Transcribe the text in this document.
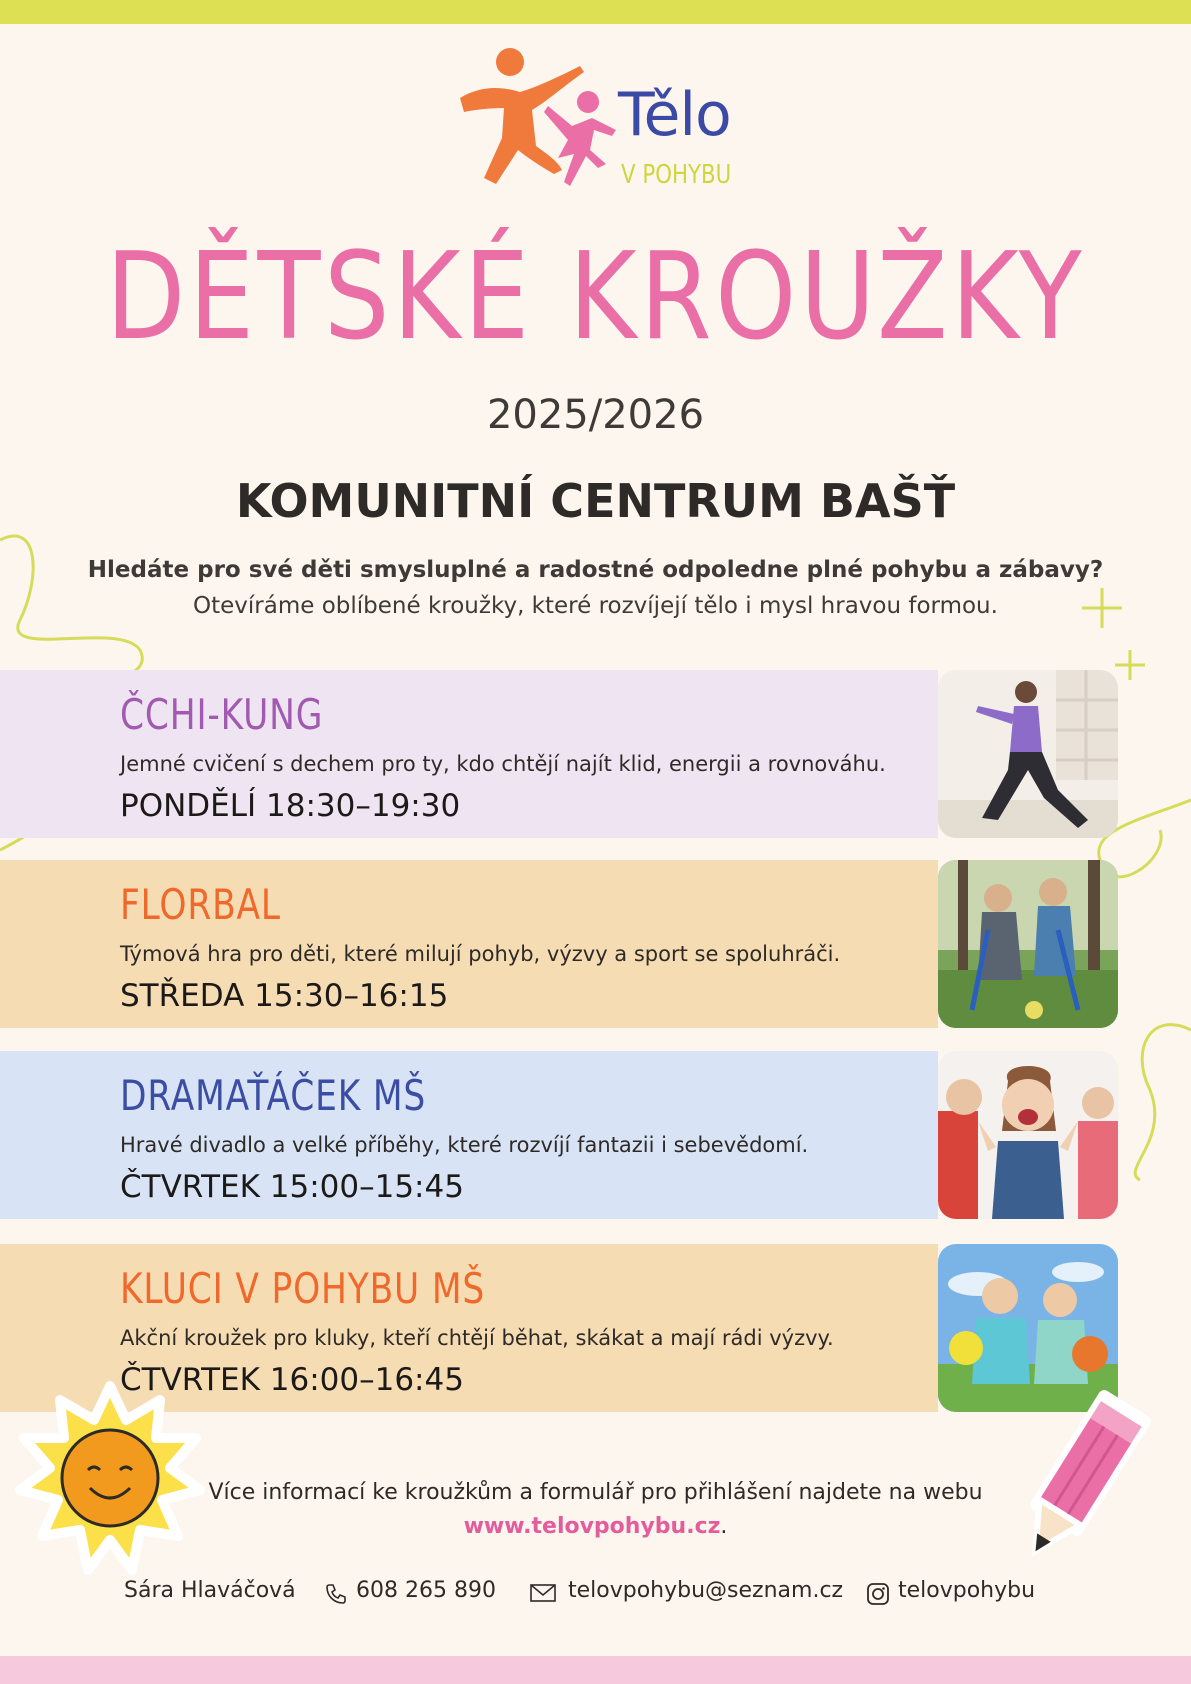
Tělo
V POHYBU
DĚTSKÉ KROUŽKY
2025/2026
KOMUNITNÍ CENTRUM BAŠŤ
Hledáte pro své děti smysluplné a radostné odpoledne plné pohybu a zábavy?
Otevíráme oblíbené kroužky, které rozvíjejí tělo i mysl hravou formou.
ČCHI-KUNG
Jemné cvičení s dechem pro ty, kdo chtějí najít klid, energii a rovnováhu.
PONDĚLÍ 18:30–19:30
FLORBAL
Týmová hra pro děti, které milují pohyb, výzvy a sport se spoluhráči.
STŘEDA 15:30–16:15
DRAMAŤÁČEK MŠ
Hravé divadlo a velké příběhy, které rozvíjí fantazii i sebevědomí.
ČTVRTEK 15:00–15:45
KLUCI V POHYBU MŠ
Akční kroužek pro kluky, kteří chtějí běhat, skákat a mají rádi výzvy.
ČTVRTEK 16:00–16:45
Více informací ke kroužkům a formulář pro přihlášení najdete na webu
www.telovpohybu.cz.
Sára Hlaváčová	608 265 890	telovpohybu@seznam.cz telovpohybu
